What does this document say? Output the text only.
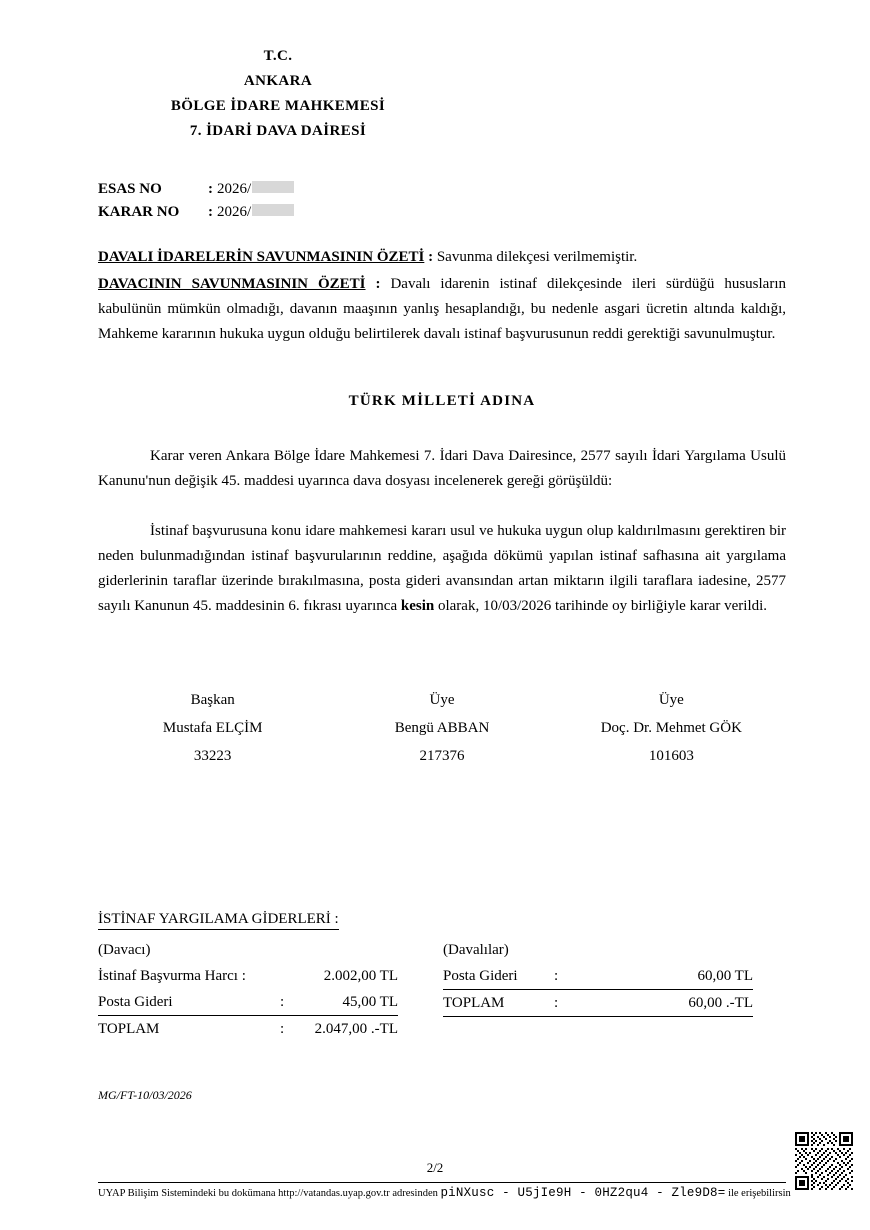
T.C.
ANKARA
BÖLGE İDARE MAHKEMESİ
7. İDARİ DAVA DAİRESİ
ESAS NO	: 2026/
KARAR NO	: 2026/
DAVALI İDARELERİN SAVUNMASININ ÖZETİ : Savunma dilekçesi verilmemiştir.
DAVACININ SAVUNMASININ ÖZETİ : Davalı idarenin istinaf dilekçesinde ileri sürdüğü hususların kabulünün mümkün olmadığı, davanın maaşının yanlış hesaplandığı, bu nedenle asgari ücretin altında kaldığı, Mahkeme kararının hukuka uygun olduğu belirtilerek davalı istinaf başvurusunun reddi gerektiği savunulmuştur.
TÜRK MİLLETİ ADINA
Karar veren Ankara Bölge İdare Mahkemesi 7. İdari Dava Dairesince, 2577 sayılı İdari Yargılama Usulü Kanunu'nun değişik 45. maddesi uyarınca dava dosyası incelenerek gereği görüşüldü:
İstinaf başvurusuna konu idare mahkemesi kararı usul ve hukuka uygun olup kaldırılmasını gerektiren bir neden bulunmadığından istinaf başvurularının reddine, aşağıda dökümü yapılan istinaf safhasına ait yargılama giderlerinin taraflar üzerinde bırakılmasına, posta gideri avansından artan miktarın ilgili taraflara iadesine, 2577 sayılı Kanunun 45. maddesinin 6. fıkrası uyarınca kesin olarak, 10/03/2026 tarihinde oy birliğiyle karar verildi.
Başkan
Mustafa ELÇİM
33223
Üye
Bengü ABBAN
217376
Üye
Doç. Dr. Mehmet GÖK
101603
İSTİNAF YARGILAMA GİDERLERİ :
(Davacı)
İstinaf Başvurma Harcı :	2.002,00 TL
Posta Gideri	:	45,00 TL
TOPLAM	:	2.047,00 .-TL
(Davalılar)
Posta Gideri	:	60,00 TL
TOPLAM	:	60,00 .-TL
MG/FT-10/03/2026
2/2
UYAP Bilişim Sistemindeki bu dokümana http://vatandas.uyap.gov.tr adresinden piNXusc - U5jIe9H - 0HZ2qu4 - Zle9D8= ile erişebilirsin
